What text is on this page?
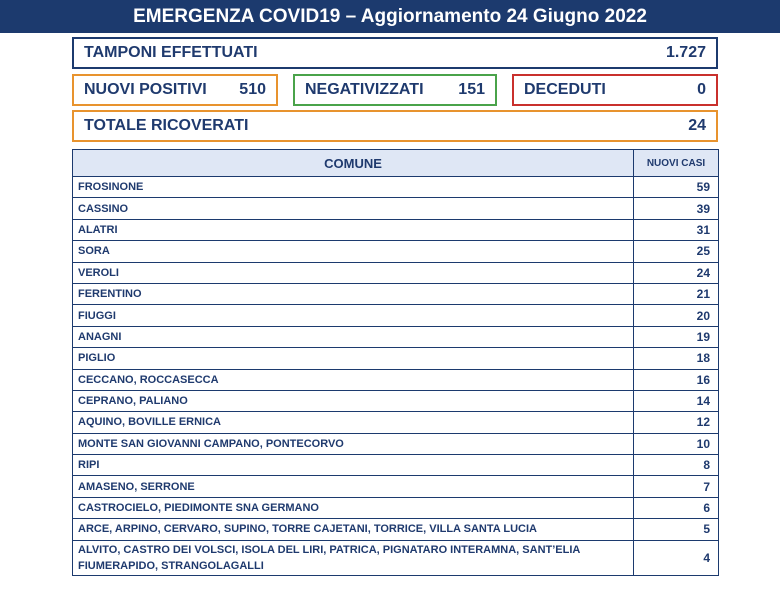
EMERGENZA COVID19 – Aggiornamento 24 Giugno 2022
TAMPONI EFFETTUATI	1.727
NUOVI POSITIVI 510 NEGATIVIZZATI 151 DECEDUTI	0
TOTALE RICOVERATI	24
COMUNE	NUOVI CASI
FROSINONE	59
CASSINO	39
ALATRI	31
SORA	25
VEROLI	24
FERENTINO	21
FIUGGI	20
ANAGNI	19
PIGLIO	18
CECCANO, ROCCASECCA	16
CEPRANO, PALIANO	14
AQUINO, BOVILLE ERNICA	12
MONTE SAN GIOVANNI CAMPANO, PONTECORVO	10
RIPI	8
AMASENO, SERRONE	7
CASTROCIELO, PIEDIMONTE SNA GERMANO	6
ARCE, ARPINO, CERVARO, SUPINO, TORRE CAJETANI, TORRICE, VILLA SANTA LUCIA	5
ALVITO, CASTRO DEI VOLSCI, ISOLA DEL LIRI, PATRICA, PIGNATARO INTERAMNA, SANT’ELIA FIUMERAPIDO, STRANGOLAGALLI	4
